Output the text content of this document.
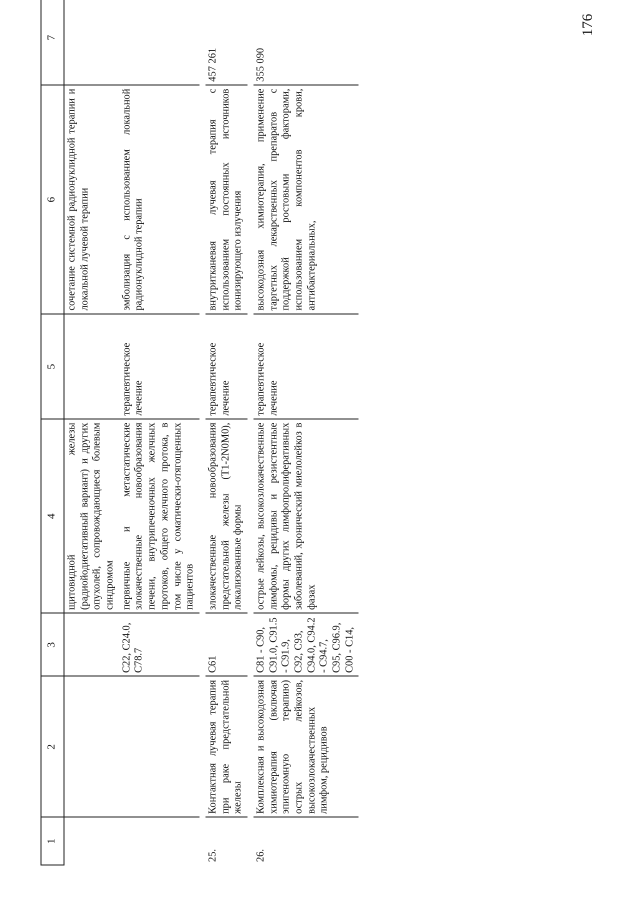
176
1	2	3	4	5	6	7
			щитовидной железы (радиойодиетативный вариант) и других опухолей, сопровождающиеся болевым синдромом		сочетание системной радионуклидной терапии и локальной лучевой терапии	
		C22, C24.0, C78.7	первичные и метастатические злокачественные новообразования печени, внутрипеченочных желчных протоков, общего желчного протока, в том числе у соматически-отягощенных пациентов	терапевтическое лечение	эмболизация с использованием локальной радионуклидной терапии	

25.	Контактная лучевая терапия при раке предстательной железы	C61	злокачественные новообразования предстательной железы (T1-2N0M0), локализованные формы	терапевтическое лечение	внутритканевая лучевая терапия с использованием постоянных источников ионизирующего излучения	457 261

26.	Комплексная и высокодозная химиотерапия (включая эпигеномную терапию) острых лейкозов, высокозлокачественных лимфом, рецидивов	C81 - C90, C91.0, C91.5 - C91.9, C92, C93, C94.0, C94.2 - C94.7, C95, C96.9, C00 - C14,	острые лейкозы, высокозлокачественные лимфомы, рецидивы и резистентные формы других лимфопролиферативных заболеваний, хронический миелолейкоз в фазах	терапевтическое лечение	высокодозная химиотерапия, применение таргетных лекарственных препаратов с поддержкой ростовыми факторами, использованием компонентов крови, антибактериальных,	355 090
